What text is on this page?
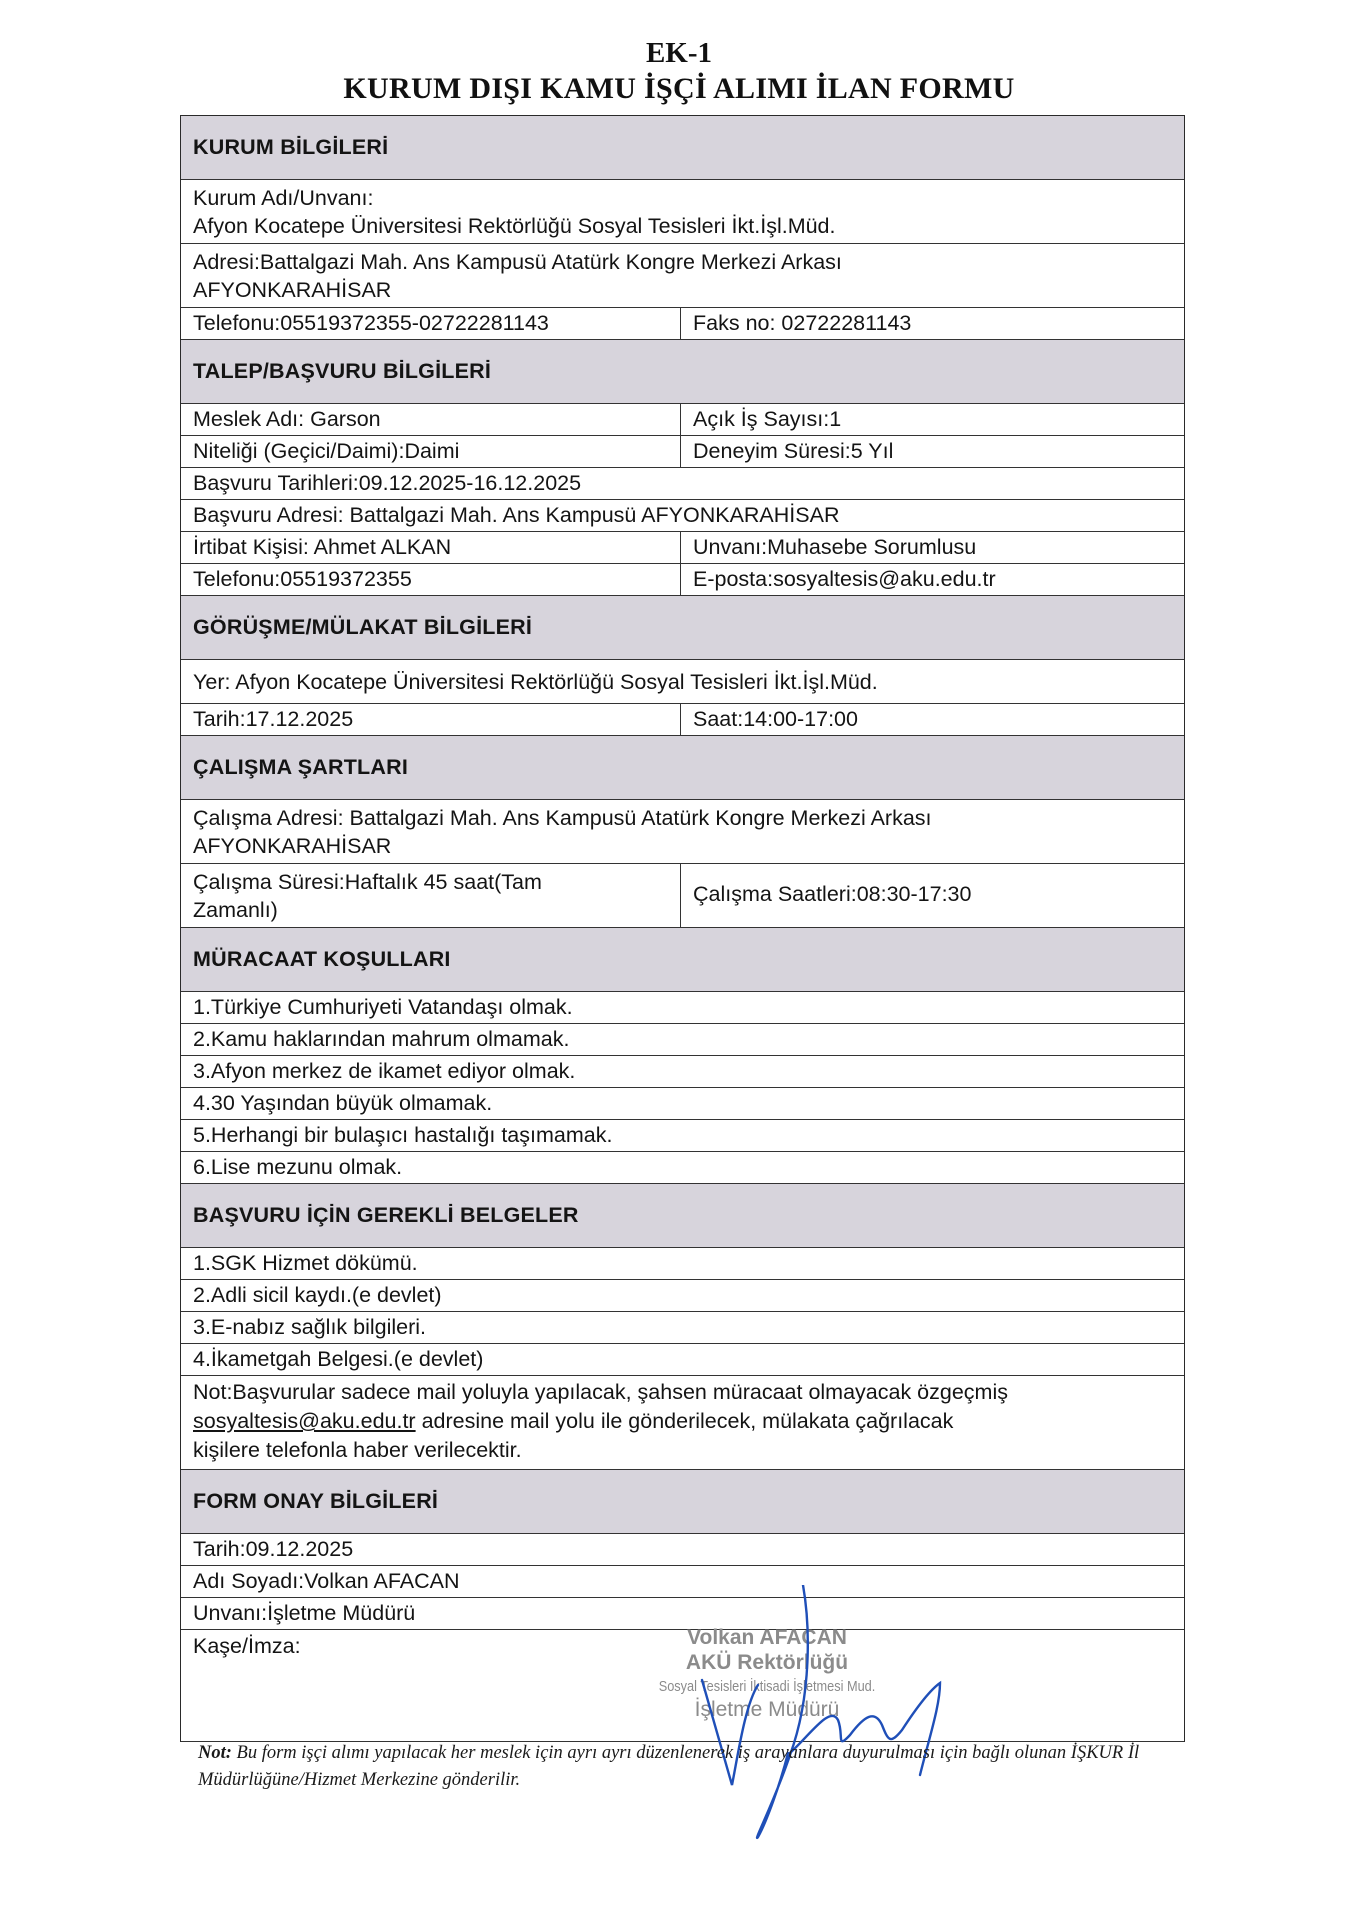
EK-1
KURUM DIŞI KAMU İŞÇİ ALIMI İLAN FORMU
KURUM BİLGİLERİ
Kurum Adı/Unvanı:
Afyon Kocatepe Üniversitesi Rektörlüğü Sosyal Tesisleri İkt.İşl.Müd.
Adresi:Battalgazi Mah. Ans Kampusü Atatürk Kongre Merkezi Arkası
AFYONKARAHİSAR
Telefonu:05519372355-02722281143	Faks no: 02722281143
TALEP/BAŞVURU BİLGİLERİ
Meslek Adı: Garson	Açık İş Sayısı:1
Niteliği (Geçici/Daimi):Daimi	Deneyim Süresi:5 Yıl
Başvuru Tarihleri:09.12.2025-16.12.2025
Başvuru Adresi: Battalgazi Mah. Ans Kampusü AFYONKARAHİSAR
İrtibat Kişisi: Ahmet ALKAN	Unvanı:Muhasebe Sorumlusu
Telefonu:05519372355	E-posta:sosyaltesis@aku.edu.tr
GÖRÜŞME/MÜLAKAT BİLGİLERİ
Yer: Afyon Kocatepe Üniversitesi Rektörlüğü Sosyal Tesisleri İkt.İşl.Müd.
Tarih:17.12.2025	Saat:14:00-17:00
ÇALIŞMA ŞARTLARI
Çalışma Adresi: Battalgazi Mah. Ans Kampusü Atatürk Kongre Merkezi Arkası
AFYONKARAHİSAR
Çalışma Süresi:Haftalık 45 saat(Tam
Zamanlı)
Çalışma Saatleri:08:30-17:30
MÜRACAAT KOŞULLARI
1.Türkiye Cumhuriyeti Vatandaşı olmak.
2.Kamu haklarından mahrum olmamak.
3.Afyon merkez de ikamet ediyor olmak.
4.30 Yaşından büyük olmamak.
5.Herhangi bir bulaşıcı hastalığı taşımamak.
6.Lise mezunu olmak.
BAŞVURU İÇİN GEREKLİ BELGELER
1.SGK Hizmet dökümü.
2.Adli sicil kaydı.(e devlet)
3.E-nabız sağlık bilgileri.
4.İkametgah Belgesi.(e devlet)
Not:Başvurular sadece mail yoluyla yapılacak, şahsen müracaat olmayacak özgeçmiş
sosyaltesis@aku.edu.tr adresine mail yolu ile gönderilecek, mülakata çağrılacak
kişilere telefonla haber verilecektir.
FORM ONAY BİLGİLERİ
Tarih:09.12.2025
Adı Soyadı:Volkan AFACAN
Unvanı:İşletme Müdürü
Kaşe/İmza:	Volkan AFACAN
AKÜ Rektörlüğü
Sosyal Tesisleri İktisadi İşletmesi Mud.
İşletme Müdürü
Not: Bu form işçi alımı yapılacak her meslek için ayrı ayrı düzenlenerek iş arayanlara duyurulması için bağlı olunan İŞKUR İl Müdürlüğüne/Hizmet Merkezine gönderilir.
